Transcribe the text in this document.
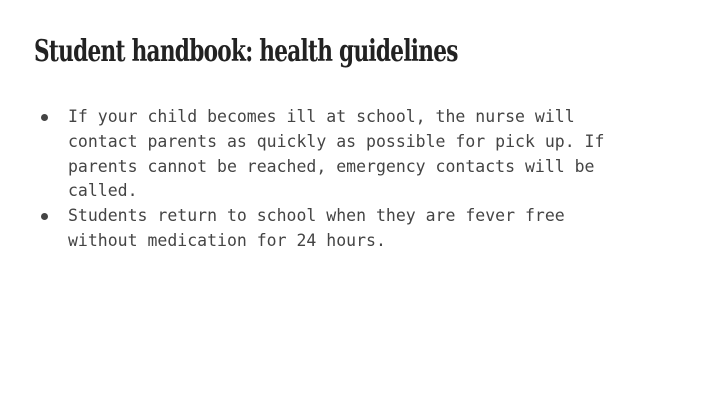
Student handbook: health guidelines
If your child becomes ill at school, the nurse will
contact parents as quickly as possible for pick up. If
parents cannot be reached, emergency contacts will be
called.
Students return to school when they are fever free
without medication for 24 hours.
